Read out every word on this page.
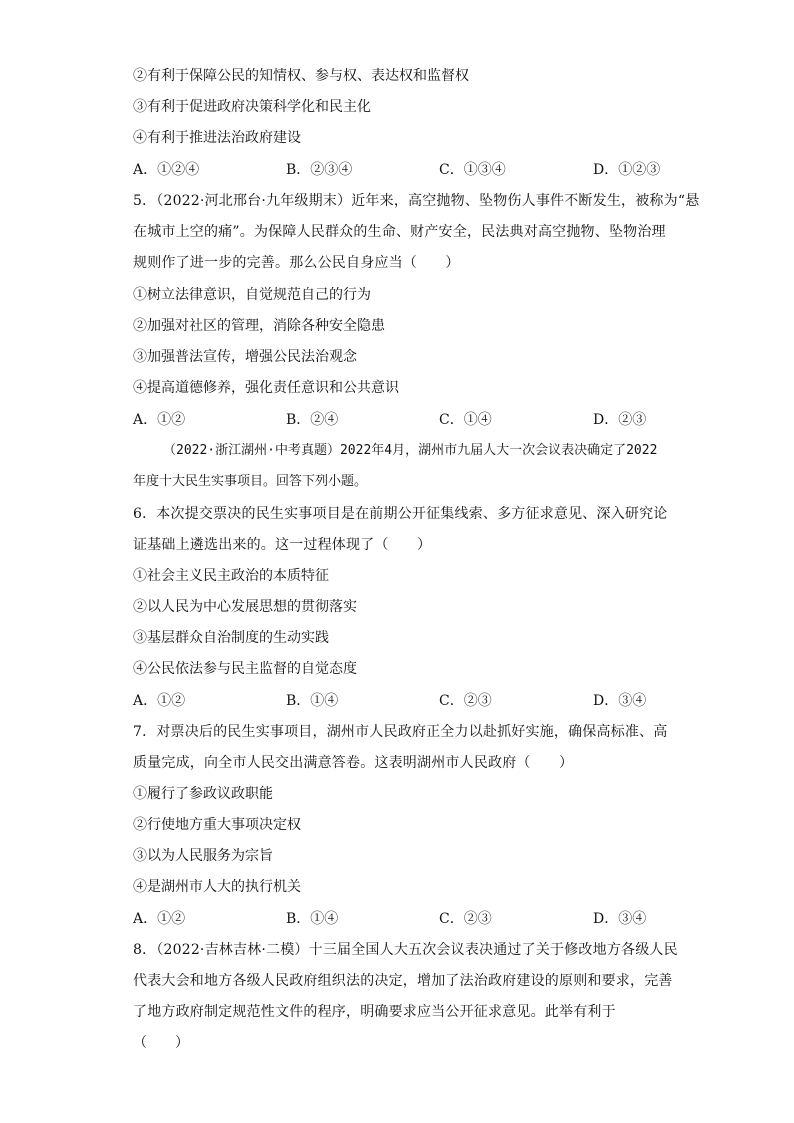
②有利于保障公民的知情权、参与权、表达权和监督权
③有利于促进政府决策科学化和民主化
④有利于推进法治政府建设
A．①②④	B．②③④	C．①③④	D．①②③
5．（2022·河北邢台·九年级期末）近年来，高空抛物、坠物伤人事件不断发生，被称为“悬
在城市上空的痛”。为保障人民群众的生命、财产安全，民法典对高空抛物、坠物治理
规则作了进一步的完善。那么公民自身应当（　　）
①树立法律意识，自觉规范自己的行为
②加强对社区的管理，消除各种安全隐患
③加强普法宣传，增强公民法治观念
④提高道德修养，强化责任意识和公共意识
A．①②	B．②④	C．①④	D．②③
（2022·浙江湖州·中考真题）2022年4月，湖州市九届人大一次会议表决确定了2022
年度十大民生实事项目。回答下列小题。
6．本次提交票决的民生实事项目是在前期公开征集线索、多方征求意见、深入研究论
证基础上遴选出来的。这一过程体现了（　　）
①社会主义民主政治的本质特征
②以人民为中心发展思想的贯彻落实
③基层群众自治制度的生动实践
④公民依法参与民主监督的自觉态度
A．①②	B．①④	C．②③	D．③④
7．对票决后的民生实事项目，湖州市人民政府正全力以赴抓好实施，确保高标准、高
质量完成，向全市人民交出满意答卷。这表明湖州市人民政府（　　）
①履行了参政议政职能
②行使地方重大事项决定权
③以为人民服务为宗旨
④是湖州市人大的执行机关
A．①②	B．①④	C．②③	D．③④
8．（2022·吉林吉林·二模）十三届全国人大五次会议表决通过了关于修改地方各级人民
代表大会和地方各级人民政府组织法的决定，增加了法治政府建设的原则和要求，完善
了地方政府制定规范性文件的程序，明确要求应当公开征求意见。此举有利于
（　　）
